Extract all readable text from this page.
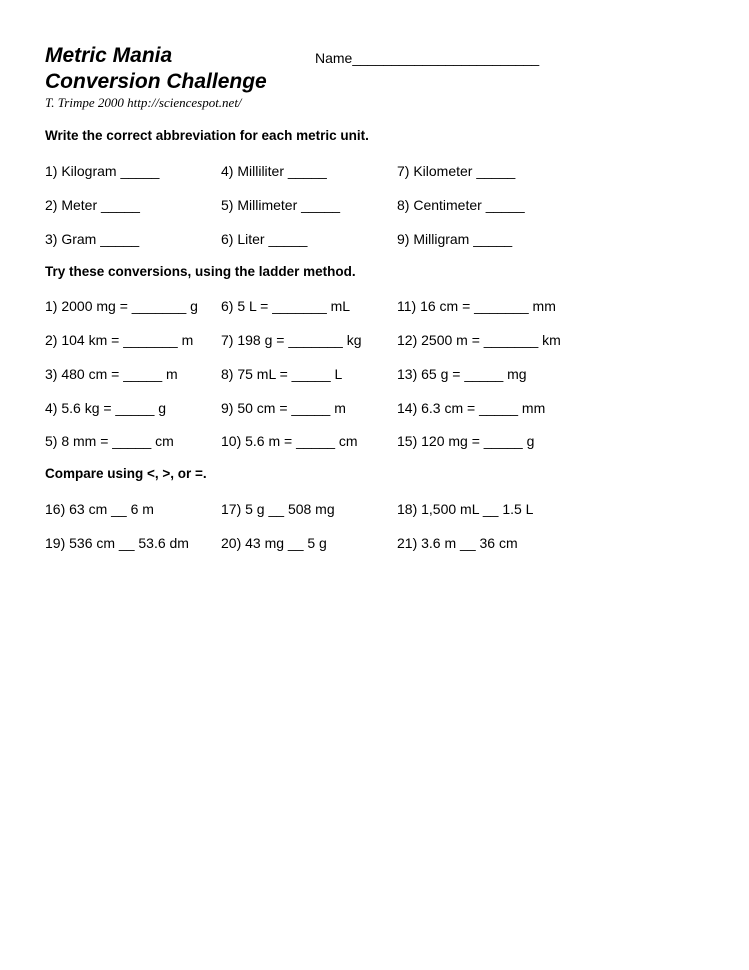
Metric Mania
Conversion Challenge
T. Trimpe 2000 http://sciencespot.net/
Name________________________
Write the correct abbreviation for each metric unit.
1) Kilogram _____	4) Milliliter _____	7) Kilometer _____
2) Meter _____	5) Millimeter _____	8) Centimeter _____
3) Gram _____	6) Liter _____	9) Milligram _____
Try these conversions, using the ladder method.
1) 2000 mg = _______ g 6) 5 L = _______ mL	11) 16 cm = _______ mm
2) 104 km = _______ m 7) 198 g = _______ kg	12) 2500 m = _______ km
3) 480 cm = _____ m	8) 75 mL = _____ L	13) 65 g = _____ mg
4) 5.6 kg = _____ g	9) 50 cm = _____ m	14) 6.3 cm = _____ mm
5) 8 mm = _____ cm	10) 5.6 m = _____ cm	15) 120 mg = _____ g
Compare using <, >, or =.
16) 63 cm __ 6 m	17) 5 g __ 508 mg	18) 1,500 mL __ 1.5 L
19) 536 cm __ 53.6 dm 20) 43 mg __ 5 g	21) 3.6 m __ 36 cm
